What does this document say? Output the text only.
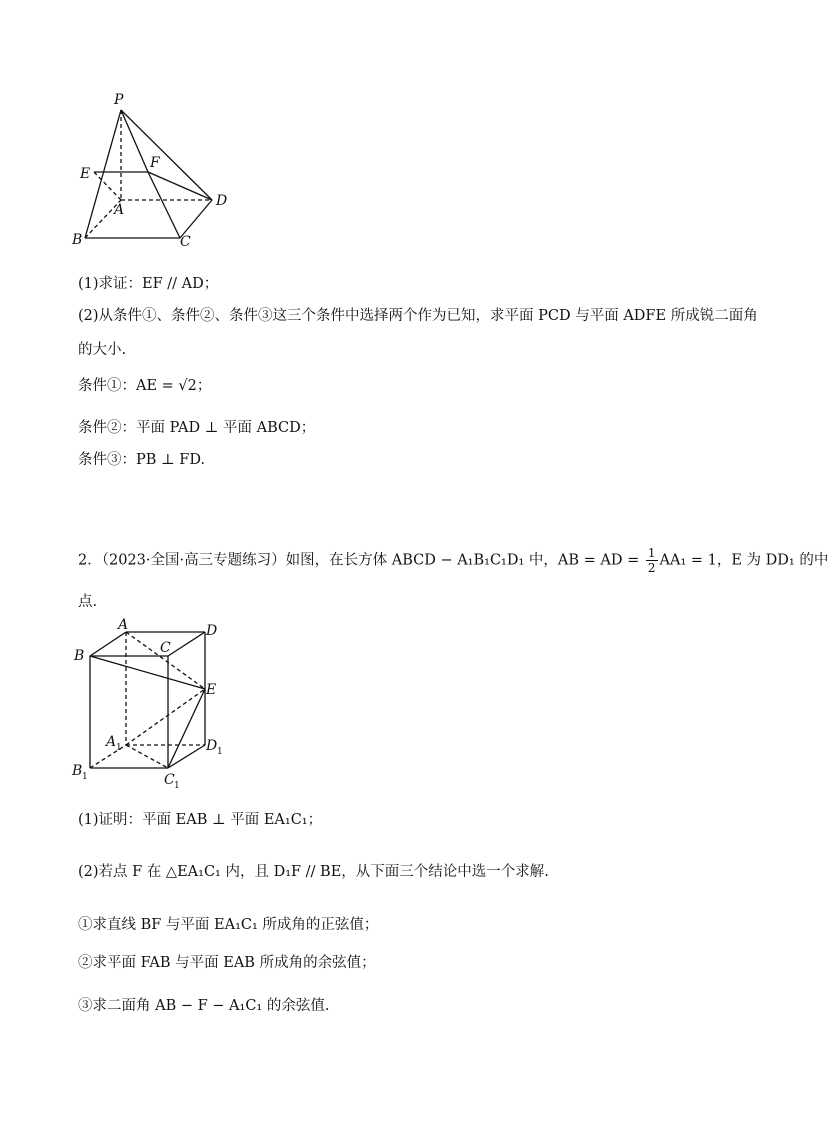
P
E
F
A
D
B	C
(1)求证：EF // AD；
(2)从条件①、条件②、条件③这三个条件中选择两个作为已知，求平面 PCD 与平面 ADFE 所成锐二面角
的大小.
条件①：AE = √2；
条件②：平面 PAD ⊥ 平面 ABCD；
条件③：PB ⊥ FD.
2．（2023·全国·高三专题练习）如图，在长方体 ABCD − A₁B₁C₁D₁ 中，AB = AD = $\frac{1}{2} AA_1 = 1$，E 为 DD₁ 的中
点.
A	D
B	C
E
A 1	D 1
B 1	C 1
(1)证明：平面 EAB ⊥ 平面 EA₁C₁；
(2)若点 F 在 △EA₁C₁ 内，且 D₁F // BE，从下面三个结论中选一个求解.
①求直线 BF 与平面 EA₁C₁ 所成角的正弦值；
②求平面 FAB 与平面 EAB 所成角的余弦值；
③求二面角 AB − F − A₁C₁ 的余弦值.
